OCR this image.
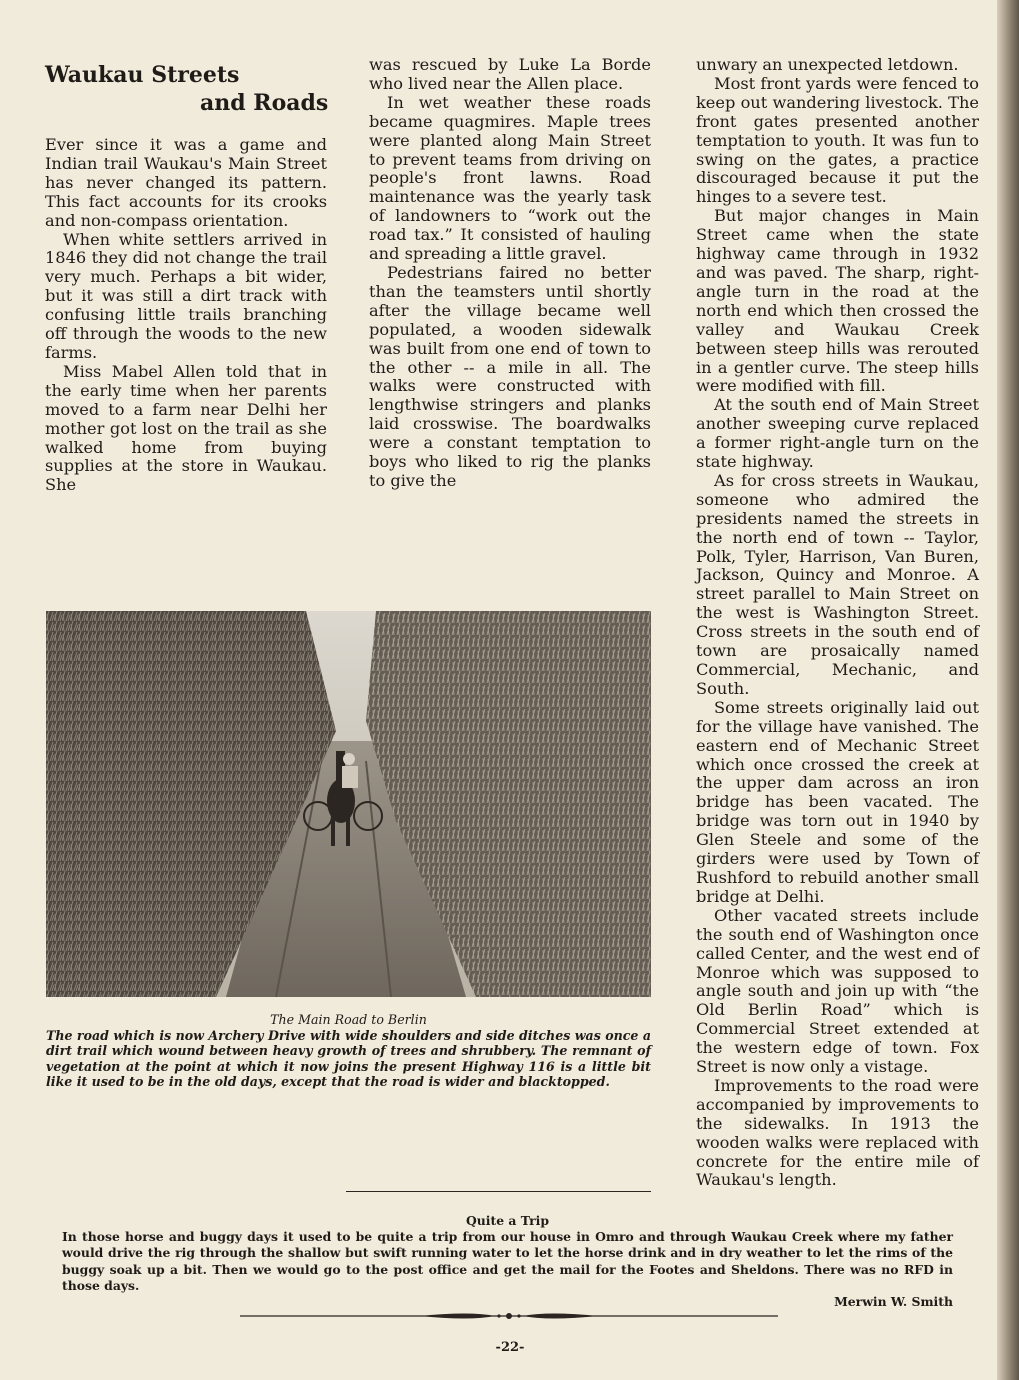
Waukau Streets
and Roads

Ever since it was a game and Indian trail Waukau's Main Street has never changed its pattern. This fact accounts for its crooks and non-compass orientation.

When white settlers arrived in 1846 they did not change the trail very much. Perhaps a bit wider, but it was still a dirt track with confusing little trails branching off through the woods to the new farms.

Miss Mabel Allen told that in the early time when her parents moved to a farm near Delhi her mother got lost on the trail as she walked home from buying supplies at the store in Waukau. She

was rescued by Luke La Borde who lived near the Allen place.

In wet weather these roads became quagmires. Maple trees were planted along Main Street to prevent teams from driving on people's front lawns. Road maintenance was the yearly task of landowners to “work out the road tax.” It consisted of hauling and spreading a little gravel.

Pedestrians faired no better than the teamsters until shortly after the village became well populated, a wooden sidewalk was built from one end of town to the other -- a mile in all. The walks were constructed with lengthwise stringers and planks laid crosswise. The boardwalks were a constant temptation to boys who liked to rig the planks to give the

unwary an unexpected letdown.

Most front yards were fenced to keep out wandering livestock. The front gates presented another temptation to youth. It was fun to swing on the gates, a practice discouraged because it put the hinges to a severe test.

But major changes in Main Street came when the state highway came through in 1932 and was paved. The sharp, right-angle turn in the road at the north end which then crossed the valley and Waukau Creek between steep hills was rerouted in a gentler curve. The steep hills were modified with fill.

At the south end of Main Street another sweeping curve replaced a former right-angle turn on the state highway.

As for cross streets in Waukau, someone who admired the presidents named the streets in the north end of town -- Taylor, Polk, Tyler, Harrison, Van Buren, Jackson, Quincy and Monroe. A street parallel to Main Street on the west is Washington Street. Cross streets in the south end of town are prosaically named Commercial, Mechanic, and South.

Some streets originally laid out for the village have vanished. The eastern end of Mechanic Street which once crossed the creek at the upper dam across an iron bridge has been vacated. The bridge was torn out in 1940 by Glen Steele and some of the girders were used by Town of Rushford to rebuild another small bridge at Delhi.

Other vacated streets include the south end of Washington once called Center, and the west end of Monroe which was supposed to angle south and join up with “the Old Berlin Road” which is Commercial Street extended at the western edge of town. Fox Street is now only a vistage.

Improvements to the road were accompanied by improvements to the sidewalks. In 1913 the wooden walks were replaced with concrete for the entire mile of Waukau's length.

The Main Road to Berlin
The road which is now Archery Drive with wide shoulders and side ditches was once a dirt trail which wound between heavy growth of trees and shrubbery. The remnant of vegetation at the point at which it now joins the present Highway 116 is a little bit like it used to be in the old days, except that the road is wider and blacktopped.
Quite a Trip
In those horse and buggy days it used to be quite a trip from our house in Omro and through Waukau Creek where my father would drive the rig through the shallow but swift running water to let the horse drink and in dry weather to let the rims of the buggy soak up a bit. Then we would go to the post office and get the mail for the Footes and Sheldons. There was no RFD in those days.
Merwin W. Smith
-22-
